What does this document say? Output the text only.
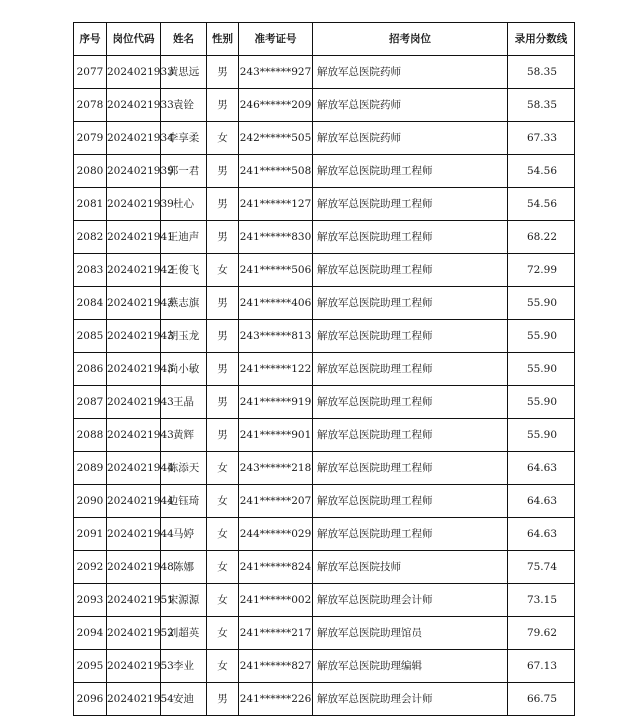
序号	岗位代码	姓名	性别	准考证号	招考岗位	录用分数线
2077	2024021933	黄思远	男	243******927	解放军总医院药师	58.35
2078	2024021933	袁铨	男	246******209	解放军总医院药师	58.35
2079	2024021934	李享柔	女	242******505	解放军总医院药师	67.33
2080	2024021939	郭一君	男	241******508	解放军总医院助理工程师	54.56
2081	2024021939	杜心	男	241******127	解放军总医院助理工程师	54.56
2082	2024021941	王迪声	男	241******830	解放军总医院助理工程师	68.22
2083	2024021942	王俊飞	女	241******506	解放军总医院助理工程师	72.99
2084	2024021943	燕志旗	男	241******406	解放军总医院助理工程师	55.90
2085	2024021943	胡玉龙	男	243******813	解放军总医院助理工程师	55.90
2086	2024021943	尚小敏	男	241******122	解放军总医院助理工程师	55.90
2087	2024021943	王晶	男	241******919	解放军总医院助理工程师	55.90
2088	2024021943	黄辉	男	241******901	解放军总医院助理工程师	55.90
2089	2024021944	陈添天	女	243******218	解放军总医院助理工程师	64.63
2090	2024021944	边钰琦	女	241******207	解放军总医院助理工程师	64.63
2091	2024021944	马婷	女	244******029	解放军总医院助理工程师	64.63
2092	2024021948	陈娜	女	241******824	解放军总医院技师	75.74
2093	2024021951	宋源源	女	241******002	解放军总医院助理会计师	73.15
2094	2024021952	刘超英	女	241******217	解放军总医院助理馆员	79.62
2095	2024021953	李业	女	241******827	解放军总医院助理编辑	67.13
2096	2024021954	安迪	男	241******226	解放军总医院助理会计师	66.75
